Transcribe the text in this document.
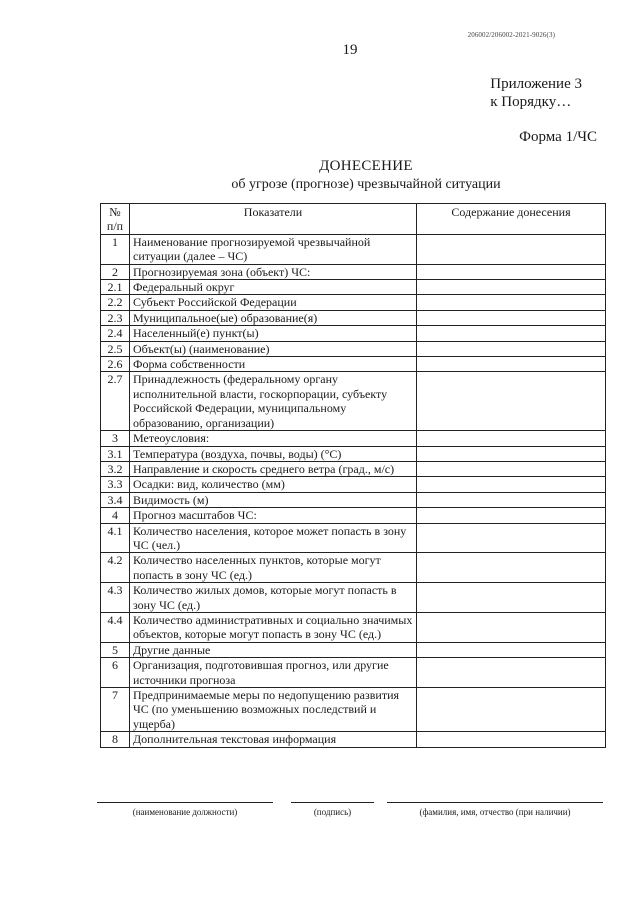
206002/206002-2021-9026(3)
19
Приложение 3
к Порядку…
Форма 1/ЧС
ДОНЕСЕНИЕ
об угрозе (прогнозе) чрезвычайной ситуации
№ п/п	Показатели	Содержание донесения
1	Наименование прогнозируемой чрезвычайной ситуации (далее – ЧС)	
2	Прогнозируемая зона (объект) ЧС:	
2.1	Федеральный округ	
2.2	Субъект Российской Федерации	
2.3	Муниципальное(ые) образование(я)	
2.4	Населенный(е) пункт(ы)	
2.5	Объект(ы) (наименование)	
2.6	Форма собственности	
2.7	Принадлежность (федеральному органу исполнительной власти, госкорпорации, субъекту Российской Федерации, муниципальному образованию, организации)	
3	Метеоусловия:	
3.1	Температура (воздуха, почвы, воды) (°С)	
3.2	Направление и скорость среднего ветра (град., м/с)	
3.3	Осадки: вид, количество (мм)	
3.4	Видимость (м)	
4	Прогноз масштабов ЧС:	
4.1	Количество населения, которое может попасть в зону ЧС (чел.)	
4.2	Количество населенных пунктов, которые могут попасть в зону ЧС (ед.)	
4.3	Количество жилых домов, которые могут попасть в зону ЧС (ед.)	
4.4	Количество административных и социально значимых объектов, которые могут попасть в зону ЧС (ед.)	
5	Другие данные	
6	Организация, подготовившая прогноз, или другие источники прогноза	
7	Предпринимаемые меры по недопущению развития ЧС (по уменьшению возможных последствий и ущерба)	
8	Дополнительная текстовая информация	
(наименование должности)	(подпись)	(фамилия, имя, отчество (при наличии)
